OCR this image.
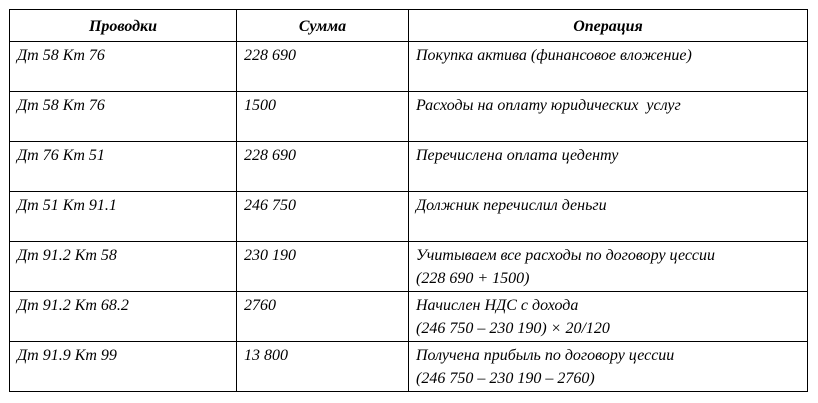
Проводки	Сумма	Операция
Дт 58 Кт 76	228 690	Покупка актива (финансовое вложение)

Дт 58 Кт 76	1500	Расходы на оплату юридических  услуг

Дт 76 Кт 51	228 690	Перечислена оплата цеденту

Дт 51 Кт 91.1	246 750	Должник перечислил деньги

Дт 91.2 Кт 58	230 190	Учитываем все расходы по договору цессии
(228 690 + 1500)

Дт 91.2 Кт 68.2	2760	Начислен НДС с дохода
(246 750 – 230 190) × 20/120

Дт 91.9 Кт 99	13 800	Получена прибыль по договору цессии
(246 750 – 230 190 – 2760)
